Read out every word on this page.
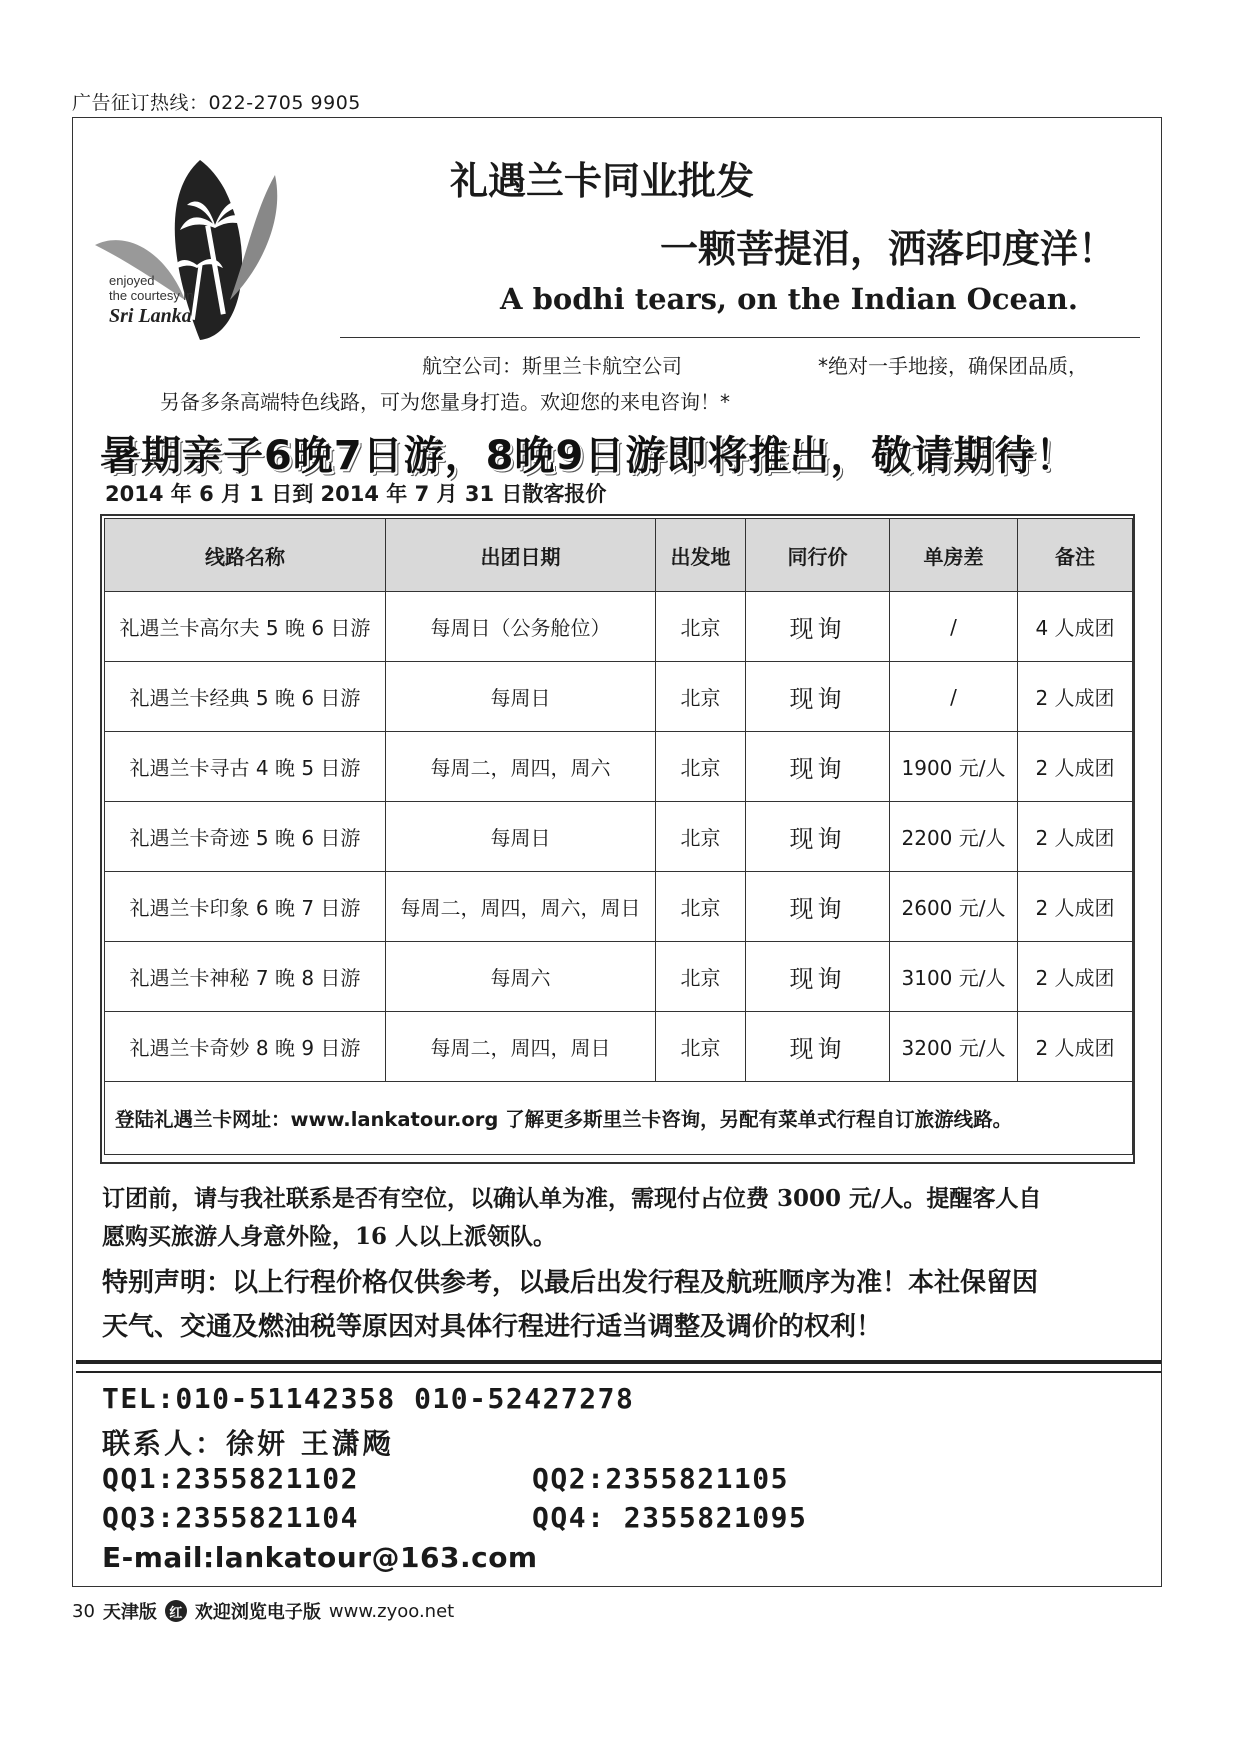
广告征订热线：022-2705 9905
enjoyed
the courtesy in
Sri Lanka
礼遇兰卡同业批发
一颗菩提泪，洒落印度洋！
A bodhi tears, on the Indian Ocean.
航空公司：斯里兰卡航空公司	*绝对一手地接，确保团品质，
另备多条高端特色线路，可为您量身打造。欢迎您的来电咨询！*
暑期亲子6晚7日游，8晚9日游即将推出，敬请期待！
2014 年 6 月 1 日到 2014 年 7 月 31 日散客报价
线路名称	出团日期	出发地	同行价	单房差	备注
礼遇兰卡高尔夫 5 晚 6 日游	每周日（公务舱位）	北京	现询	/	4 人成团
礼遇兰卡经典 5 晚 6 日游	每周日	北京	现询	/	2 人成团
礼遇兰卡寻古 4 晚 5 日游	每周二，周四，周六	北京	现询	1900 元/人	2 人成团
礼遇兰卡奇迹 5 晚 6 日游	每周日	北京	现询	2200 元/人	2 人成团
礼遇兰卡印象 6 晚 7 日游	每周二，周四，周六，周日	北京	现询	2600 元/人	2 人成团
礼遇兰卡神秘 7 晚 8 日游	每周六	北京	现询	3100 元/人	2 人成团
礼遇兰卡奇妙 8 晚 9 日游	每周二，周四，周日	北京	现询	3200 元/人	2 人成团
登陆礼遇兰卡网址：www.lankatour.org 了解更多斯里兰卡咨询，另配有菜单式行程自订旅游线路。					
订团前，请与我社联系是否有空位，以确认单为准，需现付占位费 3000 元/人。提醒客人自
愿购买旅游人身意外险，16 人以上派领队。
特别声明：以上行程价格仅供参考，以最后出发行程及航班顺序为准！本社保留因
天气、交通及燃油税等原因对具体行程进行适当调整及调价的权利！
TEL:010-51142358 010-52427278
联系人：徐妍 王潇飏
QQ1:2355821102	QQ2:2355821105
QQ3:2355821104	QQ4: 2355821095
E-mail:lankatour@163.com
30 天津版 红 欢迎浏览电子版 www.zyoo.net
